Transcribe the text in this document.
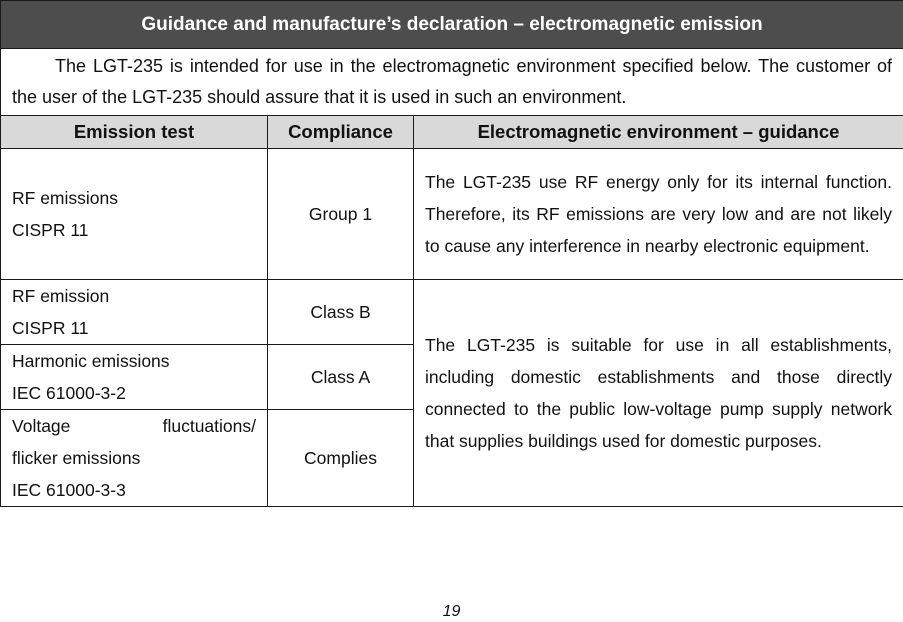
Guidance and manufacture’s declaration – electromagnetic emission		
The LGT-235 is intended for use in the electromagnetic environment specified below. The customer of the user of the LGT-235 should assure that it is used in such an environment.		
Emission test	Compliance	Electromagnetic environment – guidance

RF emissions
CISPR 11	Group 1	The LGT-235 use RF energy only for its internal function. Therefore, its RF emissions are very low and are not likely to cause any interference in nearby electronic equipment.

RF emission
CISPR 11	Class B	The LGT-235 is suitable for use in all establishments, including domestic establishments and those directly connected to the public low-voltage pump supply network that supplies buildings used for domestic purposes.

Harmonic emissions
IEC 61000-3-2	Class A	

Voltage fluctuations/
flicker emissions
IEC 61000-3-3	Complies	
19
